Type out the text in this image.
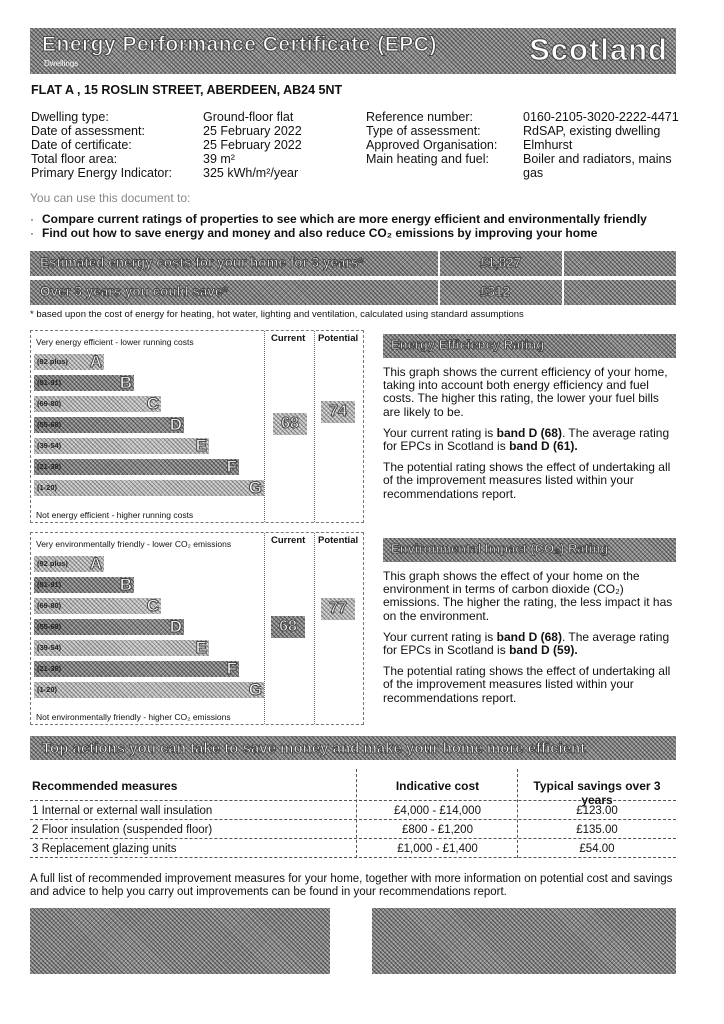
Energy Performance Certificate (EPC)
Dwellings	Scotland
FLAT A , 15 ROSLIN STREET, ABERDEEN, AB24 5NT
Dwelling type:	Ground-floor flat
Date of assessment:	25 February 2022
Date of certificate:	25 February 2022
Total floor area:	39 m²
Primary Energy Indicator: 325 kWh/m²/year
Reference number:	0160-2105-3020-2222-4471
Type of assessment:	RdSAP, existing dwelling
Approved Organisation: Elmhurst
Main heating and fuel:	Boiler and radiators, mains gas
You can use this document to:
· Compare current ratings of properties to see which are more energy efficient and environmentally friendly
· Find out how to save energy and money and also reduce CO₂ emissions by improving your home
Estimated energy costs for your home for 3 years*	£1,827
Over 3 years you could save*	£312
* based upon the cost of energy for heating, hot water, lighting and ventilation, calculated using standard assumptions
Very energy efficient - lower running costs	Current Potential
(92 plus) A
(81-91)	B
(69-80)	C
(55-68)	D
(39-54)	E
(21-38)	F
(1-20)	G
68
74
Not energy efficient - higher running costs
Very environmentally friendly - lower CO₂ emissions	Current Potential
(92 plus) A
(81-91)	B
(69-80)	C
(55-68)	D
(39-54)	E
(21-38)	F
(1-20)	G
68
77
Not environmentally friendly - higher CO₂ emissions
Energy Efficiency Rating

This graph shows the current efficiency of your home, taking into account both energy efficiency and fuel costs. The higher this rating, the lower your fuel bills are likely to be.

Your current rating is band D (68). The average rating for EPCs in Scotland is band D (61).

The potential rating shows the effect of undertaking all of the improvement measures listed within your recommendations report.

Environmental Impact (CO₂) Rating

This graph shows the effect of your home on the environment in terms of carbon dioxide (CO₂) emissions. The higher the rating, the less impact it has on the environment.

Your current rating is band D (68). The average rating for EPCs in Scotland is band D (59).

The potential rating shows the effect of undertaking all of the improvement measures listed within your recommendations report.

Top actions you can take to save money and make your home more efficient
Recommended measures	Indicative cost	Typical savings over 3 years
1 Internal or external wall insulation	£4,000 - £14,000	£123.00
2 Floor insulation (suspended floor)	£800 - £1,200	£135.00
3 Replacement glazing units	£1,000 - £1,400	£54.00
A full list of recommended improvement measures for your home, together with more information on potential cost and savings and advice to help you carry out improvements can be found in your recommendations report.
